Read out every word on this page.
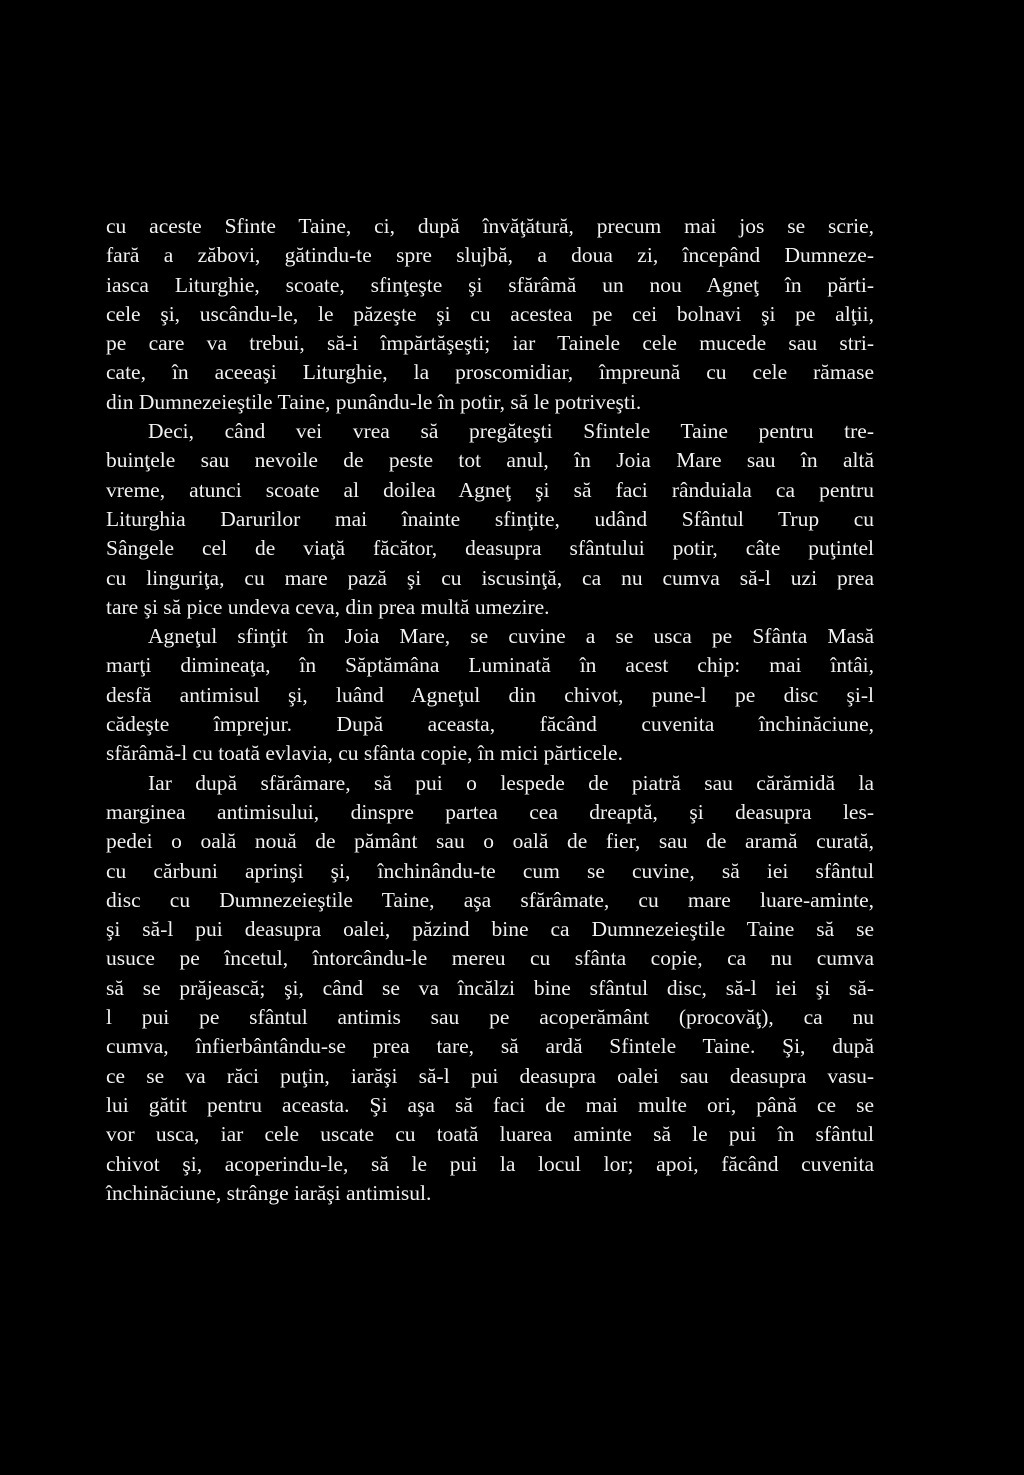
cu aceste Sfinte Taine, ci, după învăţătură, precum mai jos se scrie,
fară a zăbovi, gătindu-te spre slujbă, a doua zi, începând Dumneze-
iasca Liturghie, scoate, sfinţeşte şi sfărâmă un nou Agneţ în părti-
cele şi, uscându-le, le păzeşte şi cu acestea pe cei bolnavi şi pe alţii,
pe care va trebui, să-i împărtăşeşti; iar Tainele cele mucede sau stri-
cate, în aceeaşi Liturghie, la proscomidiar, împreună cu cele rămase
din Dumnezeieştile Taine, punându-le în potir, să le potriveşti.
Deci, când vei vrea să pregăteşti Sfintele Taine pentru tre-
buinţele sau nevoile de peste tot anul, în Joia Mare sau în altă
vreme, atunci scoate al doilea Agneţ şi să faci rânduiala ca pentru
Liturghia Darurilor mai înainte sfinţite, udând Sfântul Trup cu
Sângele cel de viaţă făcător, deasupra sfântului potir, câte puţintel
cu linguriţa, cu mare pază şi cu iscusinţă, ca nu cumva să-l uzi prea
tare şi să pice undeva ceva, din prea multă umezire.
Agneţul sfinţit în Joia Mare, se cuvine a se usca pe Sfânta Masă
marţi dimineaţa, în Săptămâna Luminată în acest chip: mai întâi,
desfă antimisul şi, luând Agneţul din chivot, pune-l pe disc şi-l
cădeşte împrejur. După aceasta, făcând cuvenita închinăciune,
sfărâmă-l cu toată evlavia, cu sfânta copie, în mici părticele.
Iar după sfărâmare, să pui o lespede de piatră sau cărămidă la
marginea antimisului, dinspre partea cea dreaptă, şi deasupra les-
pedei o oală nouă de pământ sau o oală de fier, sau de aramă curată,
cu cărbuni aprinşi şi, închinându-te cum se cuvine, să iei sfântul
disc cu Dumnezeieştile Taine, aşa sfărâmate, cu mare luare-aminte,
şi să-l pui deasupra oalei, păzind bine ca Dumnezeieştile Taine să se
usuce pe încetul, întorcându-le mereu cu sfânta copie, ca nu cumva
să se prăjească; şi, când se va încălzi bine sfântul disc, să-l iei şi să-
l pui pe sfântul antimis sau pe acoperământ (procovăţ), ca nu
cumva, înfierbântându-se prea tare, să ardă Sfintele Taine. Şi, după
ce se va răci puţin, iarăşi să-l pui deasupra oalei sau deasupra vasu-
lui gătit pentru aceasta. Şi aşa să faci de mai multe ori, până ce se
vor usca, iar cele uscate cu toată luarea aminte să le pui în sfântul
chivot şi, acoperindu-le, să le pui la locul lor; apoi, făcând cuvenita
închinăciune, strânge iarăşi antimisul.
